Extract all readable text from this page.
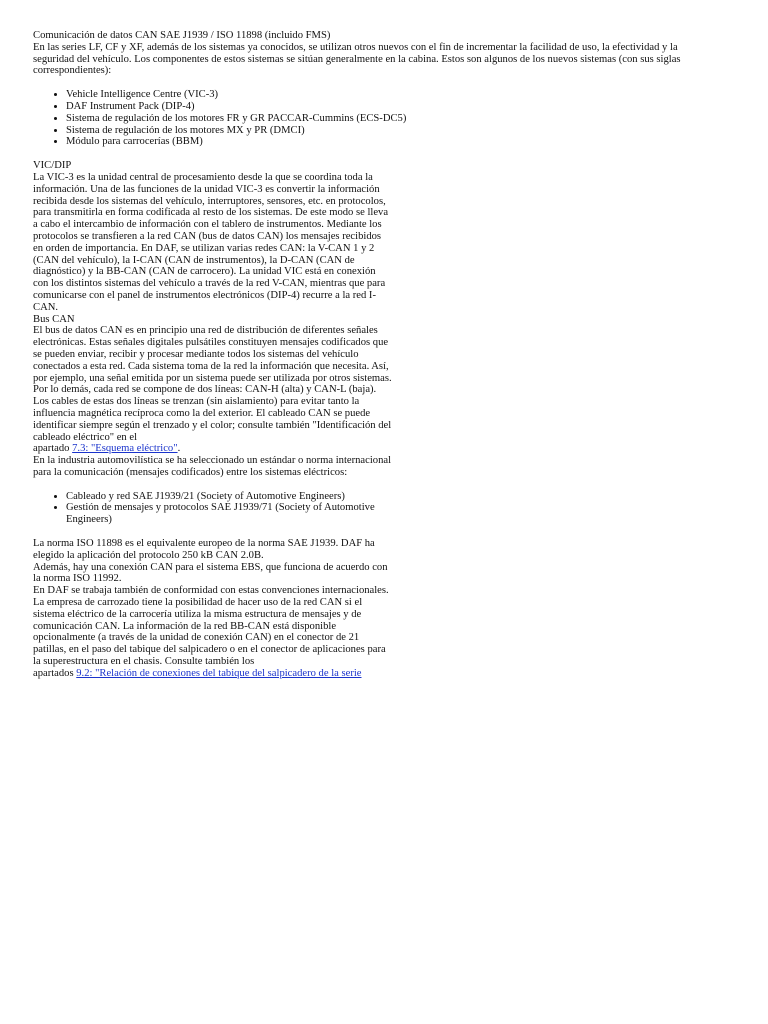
Comunicación de datos CAN SAE J1939 / ISO 11898 (incluido FMS)

En las series LF, CF y XF, además de los sistemas ya conocidos, se utilizan otros nuevos con el fin de incrementar la facilidad de uso, la efectividad y la seguridad del vehículo. Los componentes de estos sistemas se sitúan generalmente en la cabina. Estos son algunos de los nuevos sistemas (con sus siglas correspondientes):

• Vehicle Intelligence Centre (VIC-3)
• DAF Instrument Pack (DIP-4)
• Sistema de regulación de los motores FR y GR PACCAR-Cummins (ECS-DC5)
• Sistema de regulación de los motores MX y PR (DMCI)
• Módulo para carrocerías (BBM)

VIC/DIP

La VIC-3 es la unidad central de procesamiento desde la que se coordina toda la información. Una de las funciones de la unidad VIC-3 es convertir la información recibida desde los sistemas del vehículo, interruptores, sensores, etc. en protocolos, para transmitirla en forma codificada al resto de los sistemas. De este modo se lleva a cabo el intercambio de información con el tablero de instrumentos. Mediante los protocolos se transfieren a la red CAN (bus de datos CAN) los mensajes recibidos en orden de importancia. En DAF, se utilizan varias redes CAN: la V-CAN 1 y 2 (CAN del vehículo), la I-CAN (CAN de instrumentos), la D-CAN (CAN de diagnóstico) y la BB-CAN (CAN de carrocero). La unidad VIC está en conexión con los distintos sistemas del vehículo a través de la red V-CAN, mientras que para comunicarse con el panel de instrumentos electrónicos (DIP-4) recurre a la red I-CAN.

Bus CAN

El bus de datos CAN es en principio una red de distribución de diferentes señales electrónicas. Estas señales digitales pulsátiles constituyen mensajes codificados que se pueden enviar, recibir y procesar mediante todos los sistemas del vehículo conectados a esta red. Cada sistema toma de la red la información que necesita. Así, por ejemplo, una señal emitida por un sistema puede ser utilizada por otros sistemas. Por lo demás, cada red se compone de dos líneas: CAN-H (alta) y CAN-L (baja). Los cables de estas dos líneas se trenzan (sin aislamiento) para evitar tanto la influencia magnética recíproca como la del exterior. El cableado CAN se puede identificar siempre según el trenzado y el color; consulte también "Identificación del cableado eléctrico" en el

apartado 7.3: "Esquema eléctrico".

En la industria automovilística se ha seleccionado un estándar o norma internacional para la comunicación (mensajes codificados) entre los sistemas eléctricos:

• Cableado y red SAE J1939/21 (Society of Automotive Engineers)
• Gestión de mensajes y protocolos SAE J1939/71 (Society of Automotive Engineers)

La norma ISO 11898 es el equivalente europeo de la norma SAE J1939. DAF ha elegido la aplicación del protocolo 250 kB CAN 2.0B.

Además, hay una conexión CAN para el sistema EBS, que funciona de acuerdo con la norma ISO 11992.

En DAF se trabaja también de conformidad con estas convenciones internacionales. La empresa de carrozado tiene la posibilidad de hacer uso de la red CAN si el sistema eléctrico de la carrocería utiliza la misma estructura de mensajes y de comunicación CAN. La información de la red BB-CAN está disponible opcionalmente (a través de la unidad de conexión CAN) en el conector de 21 patillas, en el paso del tabique del salpicadero o en el conector de aplicaciones para la superestructura en el chasis. Consulte también los

apartados 9.2: "Relación de conexiones del tabique del salpicadero de la serie
